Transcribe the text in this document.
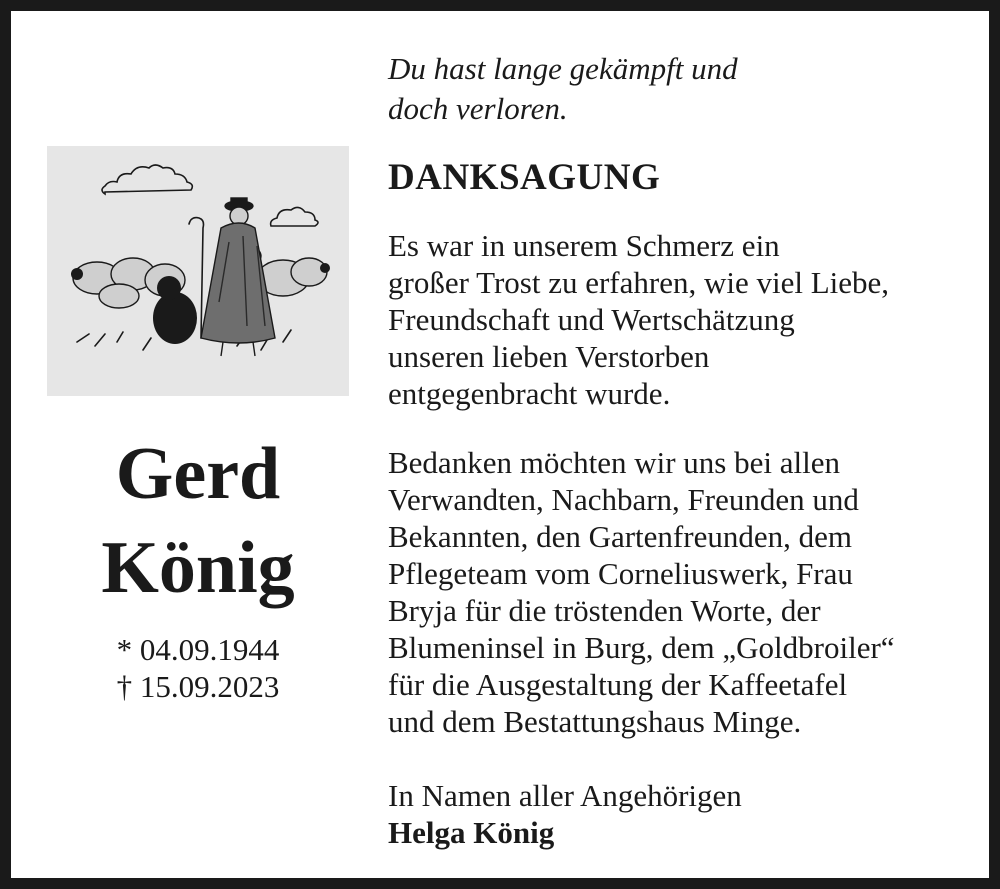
Du hast lange gekämpft und
doch verloren.
Gerd
König
* 04.09.1944
† 15.09.2023
DANKSAGUNG
Es war in unserem Schmerz ein
großer Trost zu erfahren, wie viel Liebe,
Freundschaft und Wertschätzung
unseren lieben Verstorben
entgegenbracht wurde.
Bedanken möchten wir uns bei allen
Verwandten, Nachbarn, Freunden und
Bekannten, den Gartenfreunden, dem
Pflegeteam vom Corneliuswerk, Frau
Bryja für die tröstenden Worte, der
Blumeninsel in Burg, dem „Goldbroiler“
für die Ausgestaltung der Kaffeetafel
und dem Bestattungshaus Minge.
In Namen aller Angehörigen
Helga König
